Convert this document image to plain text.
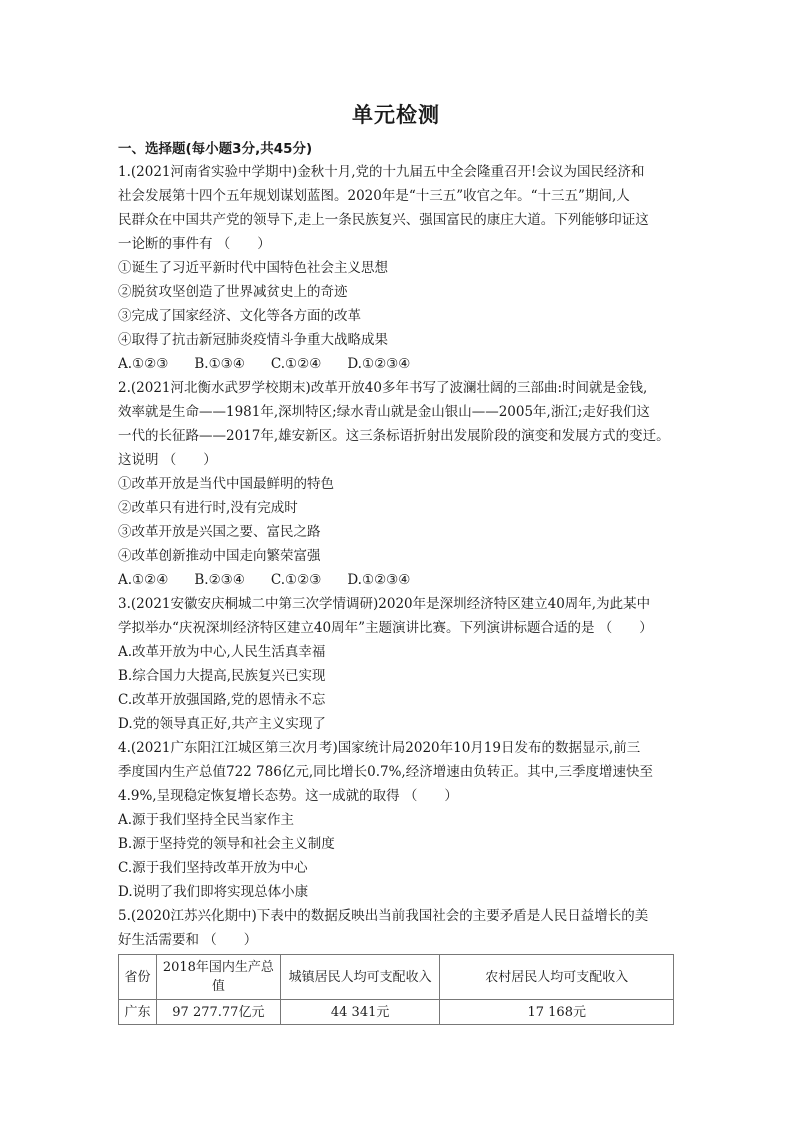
单元检测
一、选择题(每小题3分,共45分)
1.(2021河南省实验中学期中)金秋十月,党的十九届五中全会隆重召开!会议为国民经济和
社会发展第十四个五年规划谋划蓝图。2020年是“十三五”收官之年。“十三五”期间,人
民群众在中国共产党的领导下,走上一条民族复兴、强国富民的康庄大道。下列能够印证这
一论断的事件有 （　　）
①诞生了习近平新时代中国特色社会主义思想
②脱贫攻坚创造了世界减贫史上的奇迹
③完成了国家经济、文化等各方面的改革
④取得了抗击新冠肺炎疫情斗争重大战略成果
A.①②③ B.①③④ C.①②④ D.①②③④
2.(2021河北衡水武罗学校期末)改革开放40多年书写了波澜壮阔的三部曲:时间就是金钱,
效率就是生命——1981年,深圳特区;绿水青山就是金山银山——2005年,浙江;走好我们这
一代的长征路——2017年,雄安新区。这三条标语折射出发展阶段的演变和发展方式的变迁。
这说明 （　　）
①改革开放是当代中国最鲜明的特色
②改革只有进行时,没有完成时
③改革开放是兴国之要、富民之路
④改革创新推动中国走向繁荣富强
A.①②④ B.②③④ C.①②③ D.①②③④
3.(2021安徽安庆桐城二中第三次学情调研)2020年是深圳经济特区建立40周年,为此某中
学拟举办“庆祝深圳经济特区建立40周年”主题演讲比赛。下列演讲标题合适的是 （　　）
A.改革开放为中心,人民生活真幸福
B.综合国力大提高,民族复兴已实现
C.改革开放强国路,党的恩情永不忘
D.党的领导真正好,共产主义实现了
4.(2021广东阳江江城区第三次月考)国家统计局2020年10月19日发布的数据显示,前三
季度国内生产总值722 786亿元,同比增长0.7%,经济增速由负转正。其中,三季度增速快至
4.9%,呈现稳定恢复增长态势。这一成就的取得 （　　）
A.源于我们坚持全民当家作主
B.源于坚持党的领导和社会主义制度
C.源于我们坚持改革开放为中心
D.说明了我们即将实现总体小康
5.(2020江苏兴化期中)下表中的数据反映出当前我国社会的主要矛盾是人民日益增长的美
好生活需要和 （　　）
省份	2018年国内生产总值	城镇居民人均可支配收入	农村居民人均可支配收入
广东	97 277.77亿元	44 341元	17 168元
